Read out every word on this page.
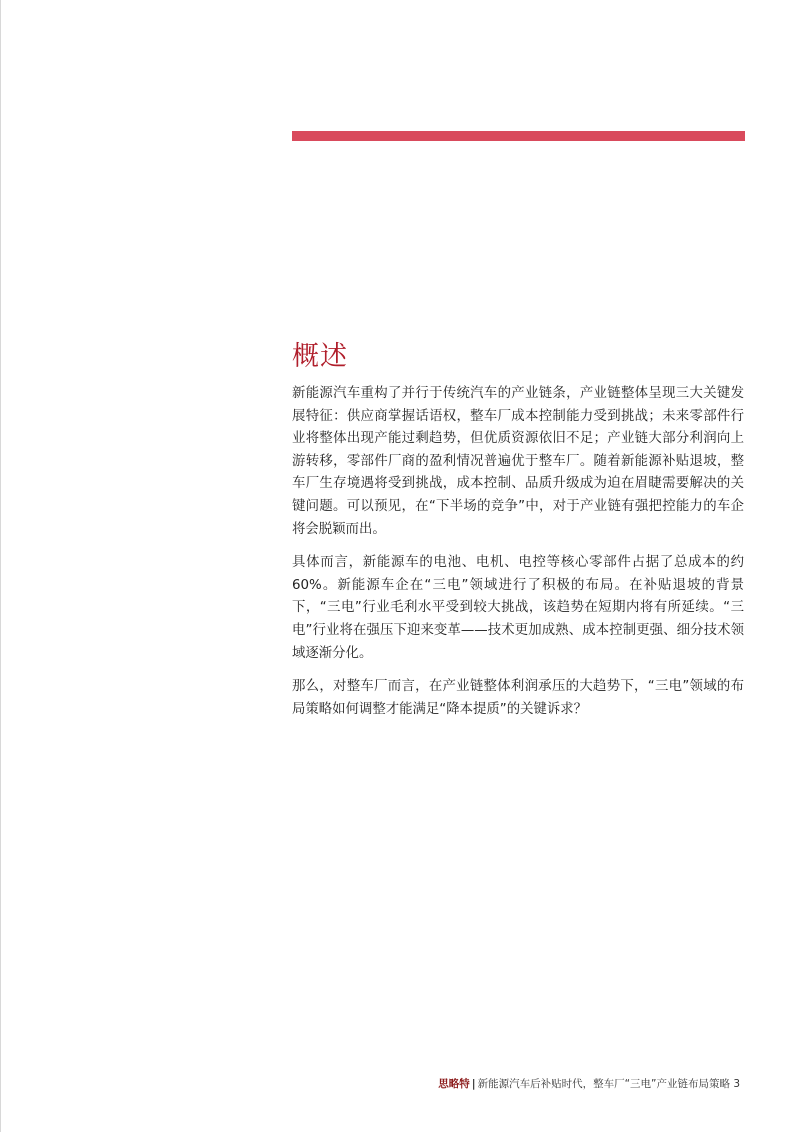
概述

新能源汽车重构了并行于传统汽车的产业链条，产业链整体呈现三大关键发展特征：供应商掌握话语权，整车厂成本控制能力受到挑战；未来零部件行业将整体出现产能过剩趋势，但优质资源依旧不足；产业链大部分利润向上游转移，零部件厂商的盈利情况普遍优于整车厂。随着新能源补贴退坡，整车厂生存境遇将受到挑战，成本控制、品质升级成为迫在眉睫需要解决的关键问题。可以预见，在“下半场的竞争”中，对于产业链有强把控能力的车企将会脱颖而出。

具体而言，新能源车的电池、电机、电控等核心零部件占据了总成本的约60%。新能源车企在“三电”领域进行了积极的布局。在补贴退坡的背景下，“三电”行业毛利水平受到较大挑战，该趋势在短期内将有所延续。“三电”行业将在强压下迎来变革——技术更加成熟、成本控制更强、细分技术领域逐渐分化。

那么，对整车厂而言，在产业链整体利润承压的大趋势下，“三电”领域的布局策略如何调整才能满足“降本提质”的关键诉求？

思略特 | 新能源汽车后补贴时代，整车厂“三电”产业链布局策略 3
